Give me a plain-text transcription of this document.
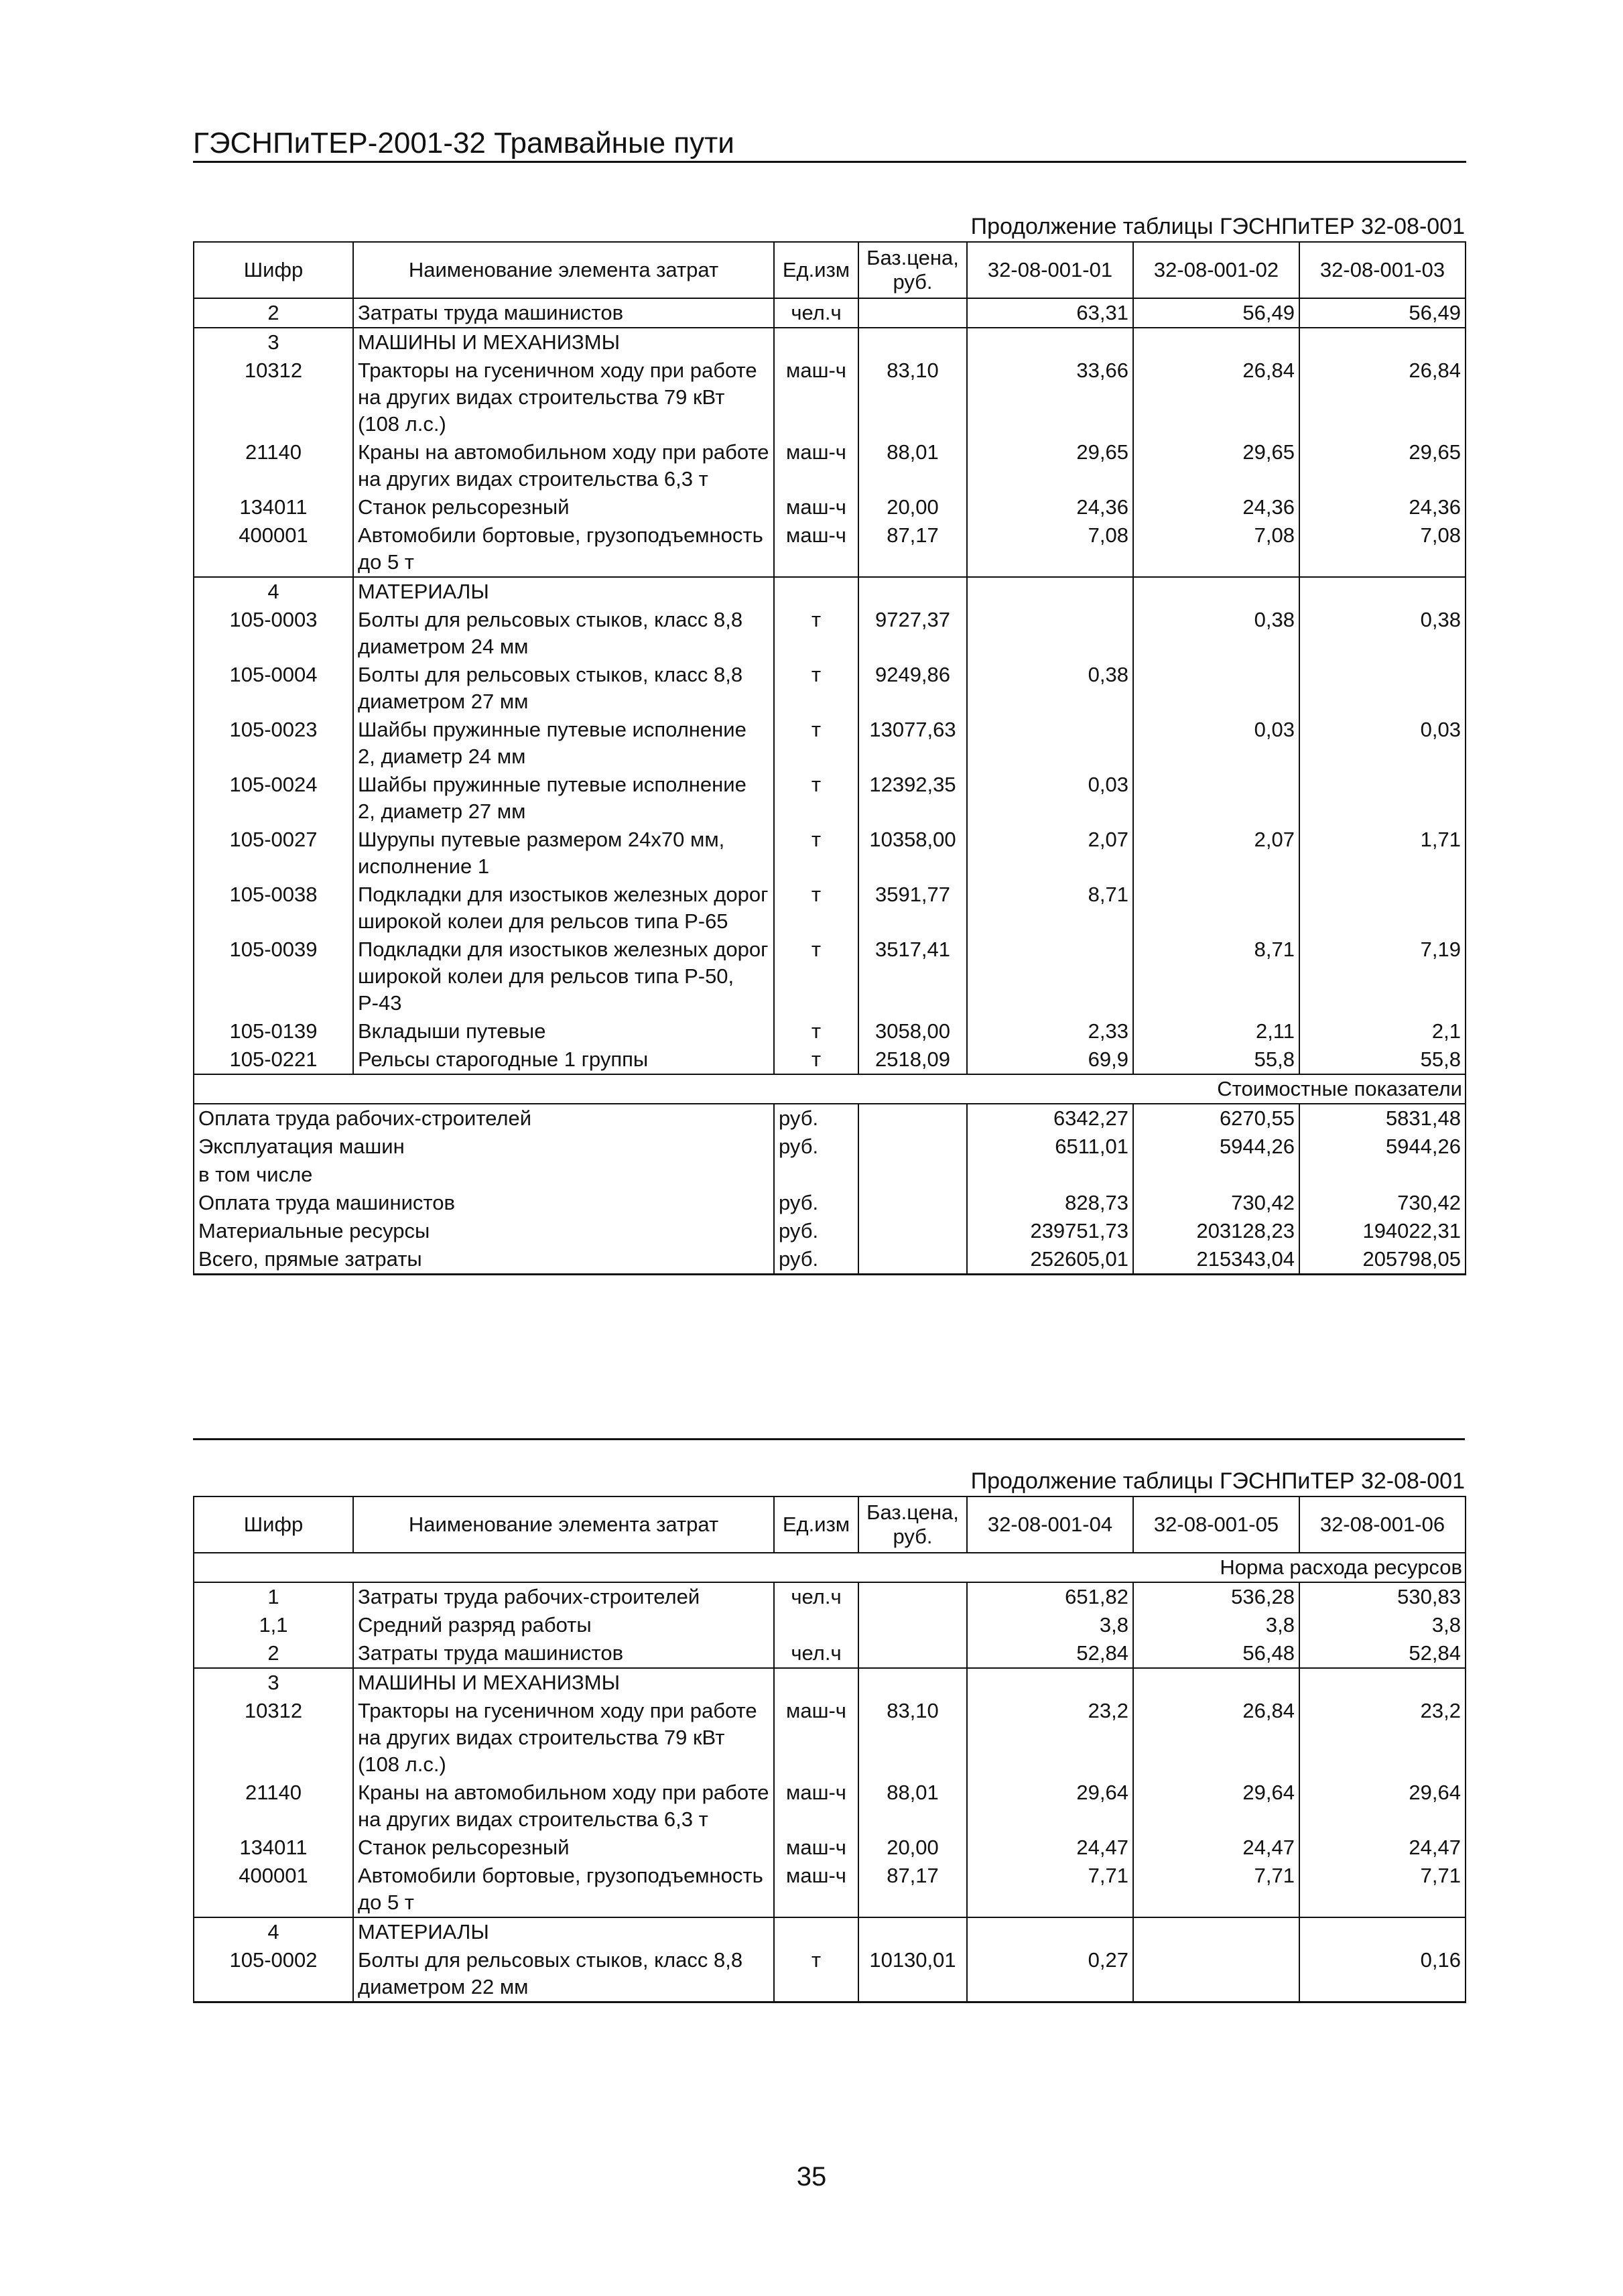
ГЭСНПиТЕР-2001-32 Трамвайные пути
Продолжение таблицы ГЭСНПиТЕР 32-08-001
Шифр	Наименование элемента затрат	Ед.изм	Баз.цена, руб.	32-08-001-01	32-08-001-02	32-08-001-03
2	Затраты труда машинистов	чел.ч		63,31	56,49	56,49
3	МАШИНЫ И МЕХАНИЗМЫ					
10312	Тракторы на гусеничном ходу при работе на других видах строительства 79 кВт (108 л.с.)	маш-ч	83,10	33,66	26,84	26,84
21140	Краны на автомобильном ходу при работе на других видах строительства 6,3 т	маш-ч	88,01	29,65	29,65	29,65
134011	Станок рельсорезный	маш-ч	20,00	24,36	24,36	24,36
400001	Автомобили бортовые, грузоподъемность до 5 т	маш-ч	87,17	7,08	7,08	7,08
4	МАТЕРИАЛЫ					
105-0003	Болты для рельсовых стыков, класс 8,8 диаметром 24 мм	т	9727,37		0,38	0,38
105-0004	Болты для рельсовых стыков, класс 8,8 диаметром 27 мм	т	9249,86	0,38		
105-0023	Шайбы пружинные путевые исполнение 2, диаметр 24 мм	т	13077,63		0,03	0,03
105-0024	Шайбы пружинные путевые исполнение 2, диаметр 27 мм	т	12392,35	0,03		
105-0027	Шурупы путевые размером 24х70 мм, исполнение 1	т	10358,00	2,07	2,07	1,71
105-0038	Подкладки для изостыков железных дорог широкой колеи для рельсов типа Р-65	т	3591,77	8,71		
105-0039	Подкладки для изостыков железных дорог широкой колеи для рельсов типа Р-50, Р-43	т	3517,41		8,71	7,19
105-0139	Вкладыши путевые	т	3058,00	2,33	2,11	2,1
105-0221	Рельсы старогодные 1 группы	т	2518,09	69,9	55,8	55,8
Стоимостные показатели						
Оплата труда рабочих-строителей		руб.		6342,27	6270,55	5831,48
Эксплуатация машин		руб.		6511,01	5944,26	5944,26
в том числе						
Оплата труда машинистов		руб.		828,73	730,42	730,42
Материальные ресурсы		руб.		239751,73	203128,23	194022,31
Всего, прямые затраты		руб.		252605,01	215343,04	205798,05
Продолжение таблицы ГЭСНПиТЕР 32-08-001
Шифр	Наименование элемента затрат	Ед.изм	Баз.цена, руб.	32-08-001-04	32-08-001-05	32-08-001-06
Норма расхода ресурсов						
1	Затраты труда рабочих-строителей	чел.ч		651,82	536,28	530,83
1,1	Средний разряд работы			3,8	3,8	3,8
2	Затраты труда машинистов	чел.ч		52,84	56,48	52,84
3	МАШИНЫ И МЕХАНИЗМЫ					
10312	Тракторы на гусеничном ходу при работе на других видах строительства 79 кВт (108 л.с.)	маш-ч	83,10	23,2	26,84	23,2
21140	Краны на автомобильном ходу при работе на других видах строительства 6,3 т	маш-ч	88,01	29,64	29,64	29,64
134011	Станок рельсорезный	маш-ч	20,00	24,47	24,47	24,47
400001	Автомобили бортовые, грузоподъемность до 5 т	маш-ч	87,17	7,71	7,71	7,71
4	МАТЕРИАЛЫ					
105-0002	Болты для рельсовых стыков, класс 8,8 диаметром 22 мм	т	10130,01	0,27		0,16
35
